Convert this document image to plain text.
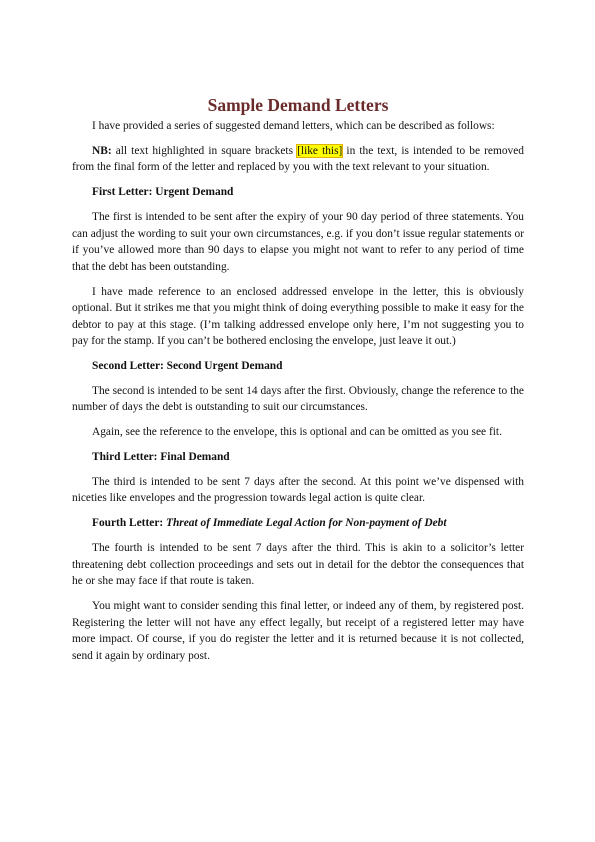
Sample Demand Letters

I have provided a series of suggested demand letters, which can be described as follows:

NB: all text highlighted in square brackets [like this] in the text, is intended to be removed from the final form of the letter and replaced by you with the text relevant to your situation.

First Letter: Urgent Demand

The first is intended to be sent after the expiry of your 90 day period of three statements. You can adjust the wording to suit your own circumstances, e.g. if you don’t issue regular statements or if you’ve allowed more than 90 days to elapse you might not want to refer to any period of time that the debt has been outstanding.

I have made reference to an enclosed addressed envelope in the letter, this is obviously optional. But it strikes me that you might think of doing everything possible to make it easy for the debtor to pay at this stage. (I’m talking addressed envelope only here, I’m not suggesting you to pay for the stamp. If you can’t be bothered enclosing the envelope, just leave it out.)

Second Letter: Second Urgent Demand

The second is intended to be sent 14 days after the first. Obviously, change the reference to the number of days the debt is outstanding to suit our circumstances.

Again, see the reference to the envelope, this is optional and can be omitted as you see fit.

Third Letter: Final Demand

The third is intended to be sent 7 days after the second. At this point we’ve dispensed with niceties like envelopes and the progression towards legal action is quite clear.

Fourth Letter: Threat of Immediate Legal Action for Non-payment of Debt

The fourth is intended to be sent 7 days after the third. This is akin to a solicitor’s letter threatening debt collection proceedings and sets out in detail for the debtor the consequences that he or she may face if that route is taken.

You might want to consider sending this final letter, or indeed any of them, by registered post. Registering the letter will not have any effect legally, but receipt of a registered letter may have more impact. Of course, if you do register the letter and it is returned because it is not collected, send it again by ordinary post.
